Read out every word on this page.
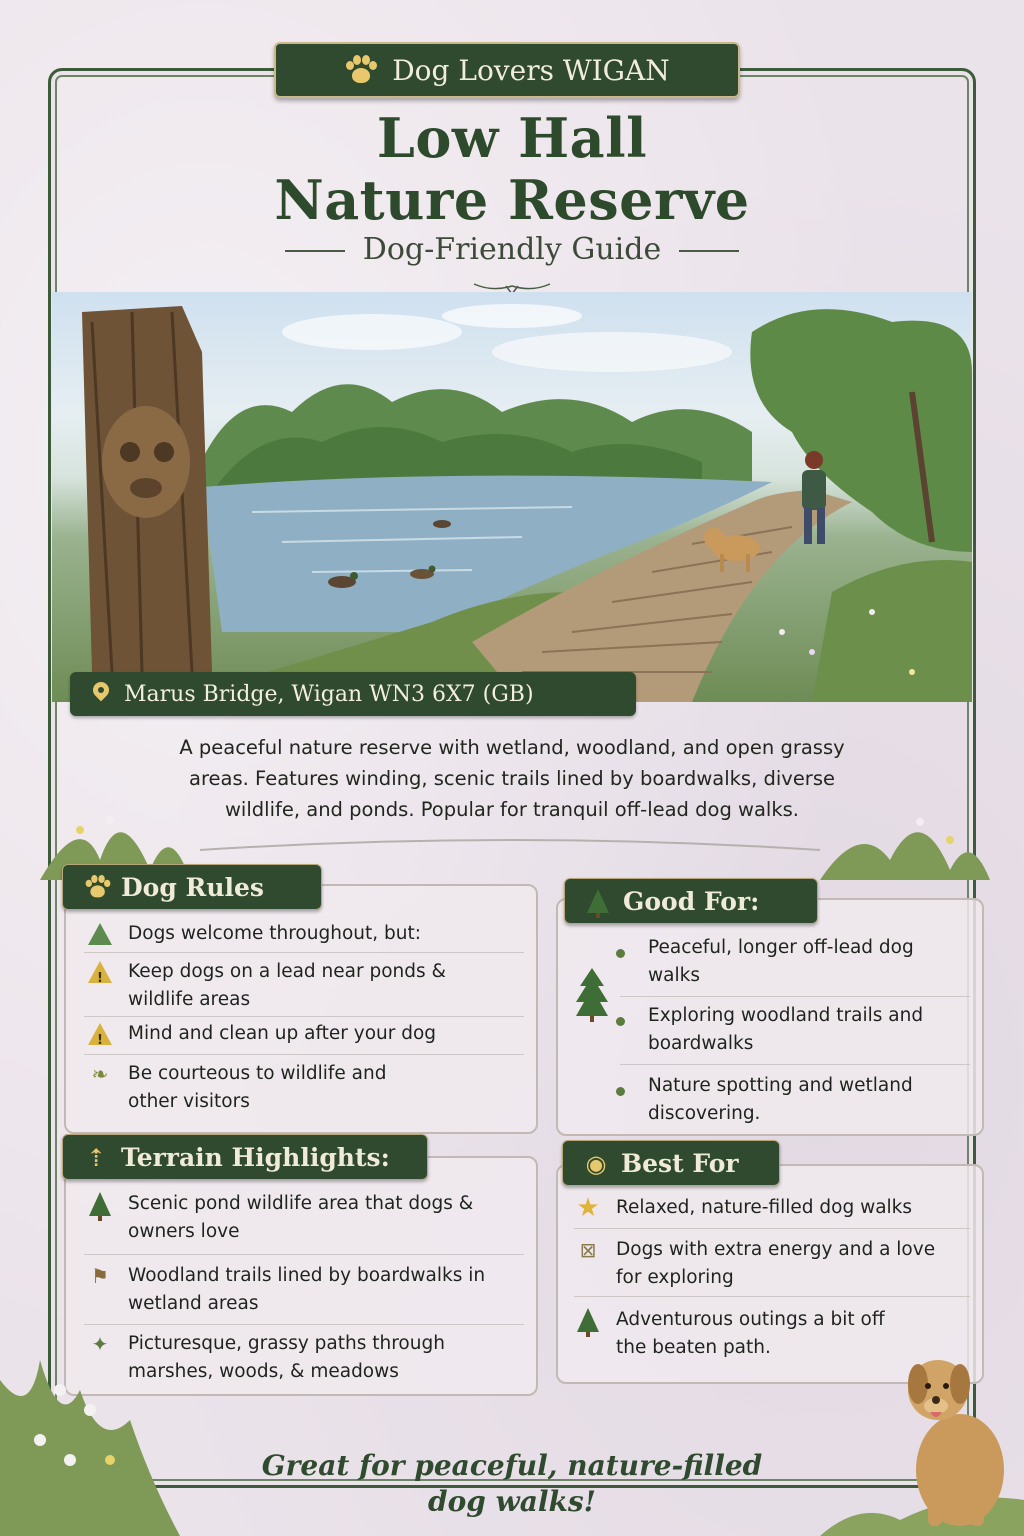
Dog Lovers WIGAN
Low Hall
Nature Reserve
Dog-Friendly Guide
Marus Bridge, Wigan WN3 6X7 (GB)
A peaceful nature reserve with wetland, woodland, and open grassy
areas. Features winding, scenic trails lined by boardwalks, diverse
wildlife, and ponds. Popular for tranquil off-lead dog walks.
Dog Rules
Dogs welcome throughout, but:
!
Keep dogs on a lead near ponds & wildlife areas
!
Mind and clean up after your dog
❧	Be courteous to wildlife and other visitors
Good For:
Peaceful, longer off-lead dog walks
Exploring woodland trails and boardwalks
Nature spotting and wetland discovering.
⇡ Terrain Highlights:
Scenic pond wildlife area that dogs & owners love
⚑ Woodland trails lined by boardwalks in wetland areas
✦	Picturesque, grassy paths through marshes, woods, & meadows
◉ Best For
★ Relaxed, nature-filled dog walks
⊠	Dogs with extra energy and a love for exploring
Adventurous outings a bit off the beaten path.
Great for peaceful, nature-filled
dog walks!
